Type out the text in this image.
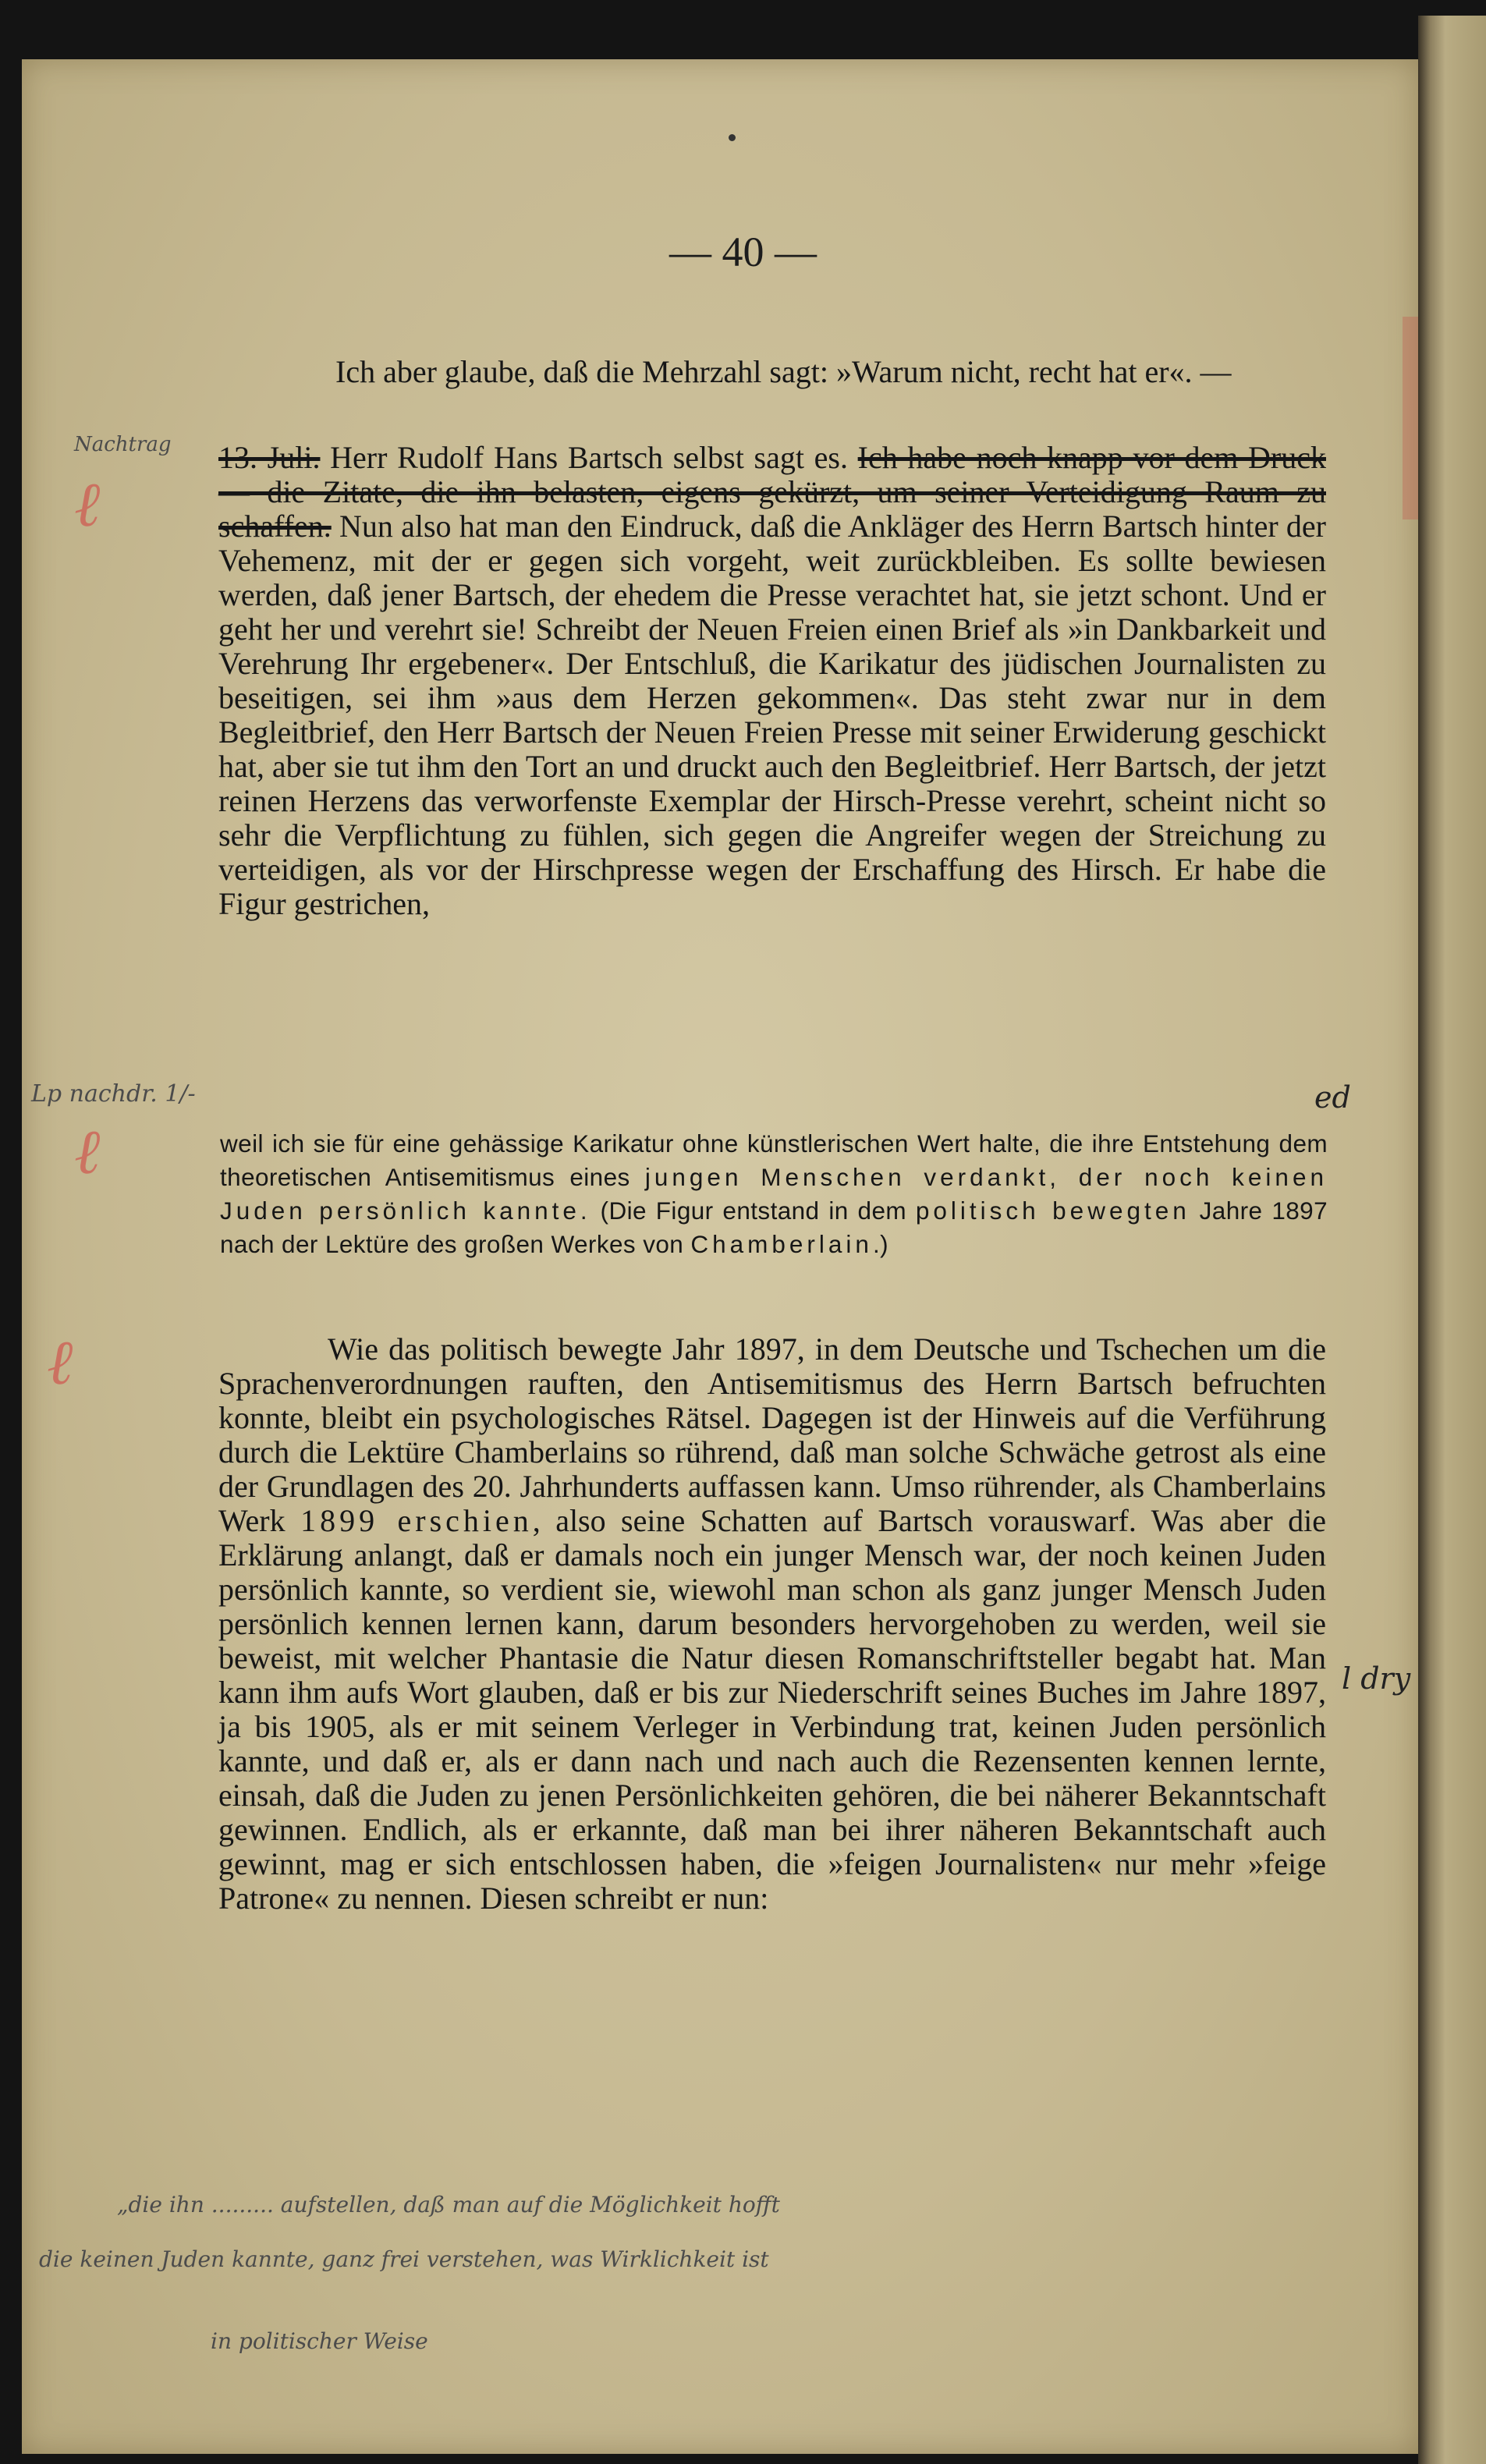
— 40 —

Ich aber glaube, daß die Mehrzahl sagt: »Warum nicht, recht hat er«. —

13. Juli. Herr Rudolf Hans Bartsch selbst sagt es. Ich habe noch knapp vor dem Druck — die Zitate, die ihn belasten, eigens gekürzt, um seiner Verteidigung Raum zu schaffen. Nun also hat man den Eindruck, daß die Ankläger des Herrn Bartsch hinter der Vehemenz, mit der er gegen sich vorgeht, weit zurückbleiben. Es sollte bewiesen werden, daß jener Bartsch, der ehedem die Presse verachtet hat, sie jetzt schont. Und er geht her und verehrt sie! Schreibt der Neuen Freien einen Brief als »in Dankbarkeit und Verehrung Ihr ergebener«. Der Entschluß, die Karikatur des jüdischen Journalisten zu beseitigen, sei ihm »aus dem Herzen gekommen«. Das steht zwar nur in dem Begleitbrief, den Herr Bartsch der Neuen Freien Presse mit seiner Erwiderung geschickt hat, aber sie tut ihm den Tort an und druckt auch den Begleitbrief. Herr Bartsch, der jetzt reinen Herzens das verworfenste Exemplar der Hirsch-Presse verehrt, scheint nicht so sehr die Verpflichtung zu fühlen, sich gegen die Angreifer wegen der Streichung zu verteidigen, als vor der Hirschpresse wegen der Erschaffung des Hirsch. Er habe die Figur gestrichen,

weil ich sie für eine gehässige Karikatur ohne künstlerischen Wert halte, die ihre Entstehung dem theoretischen Antisemitismus eines jungen Menschen verdankt, der noch keinen Juden persönlich kannte. (Die Figur entstand in dem politisch bewegten Jahre 1897 nach der Lektüre des großen Werkes von Chamberlain.)

Wie das politisch bewegte Jahr 1897, in dem Deutsche und Tschechen um die Sprachenverordnungen rauften, den Antisemitismus des Herrn Bartsch befruchten konnte, bleibt ein psychologisches Rätsel. Dagegen ist der Hinweis auf die Verführung durch die Lektüre Chamberlains so rührend, daß man solche Schwäche getrost als eine der Grundlagen des 20. Jahrhunderts auffassen kann. Umso rührender, als Chamberlains Werk 1899 erschien, also seine Schatten auf Bartsch vorauswarf. Was aber die Erklärung anlangt, daß er damals noch ein junger Mensch war, der noch keinen Juden persönlich kannte, so verdient sie, wiewohl man schon als ganz junger Mensch Juden persönlich kennen lernen kann, darum besonders hervorgehoben zu werden, weil sie beweist, mit welcher Phantasie die Natur diesen Romanschriftsteller begabt hat. Man kann ihm aufs Wort glauben, daß er bis zur Niederschrift seines Buches im Jahre 1897, ja bis 1905, als er mit seinem Verleger in Verbindung trat, keinen Juden persönlich kannte, und daß er, als er dann nach und nach auch die Rezensenten kennen lernte, einsah, daß die Juden zu jenen Persönlichkeiten gehören, die bei näherer Bekanntschaft gewinnen. Endlich, als er erkannte, daß man bei ihrer näheren Bekanntschaft auch gewinnt, mag er sich entschlossen haben, die »feigen Journalisten« nur mehr »feige Patrone« zu nennen. Diesen schreibt er nun:

Nachtrag
ℓ
Lp nachdr. 1/-
ℓ
ℓ
ed
l dry
„die ihn ......... aufstellen, daß man auf die Möglichkeit hofft
die keinen Juden kannte, ganz frei verstehen, was Wirklichkeit ist
in politischer Weise
